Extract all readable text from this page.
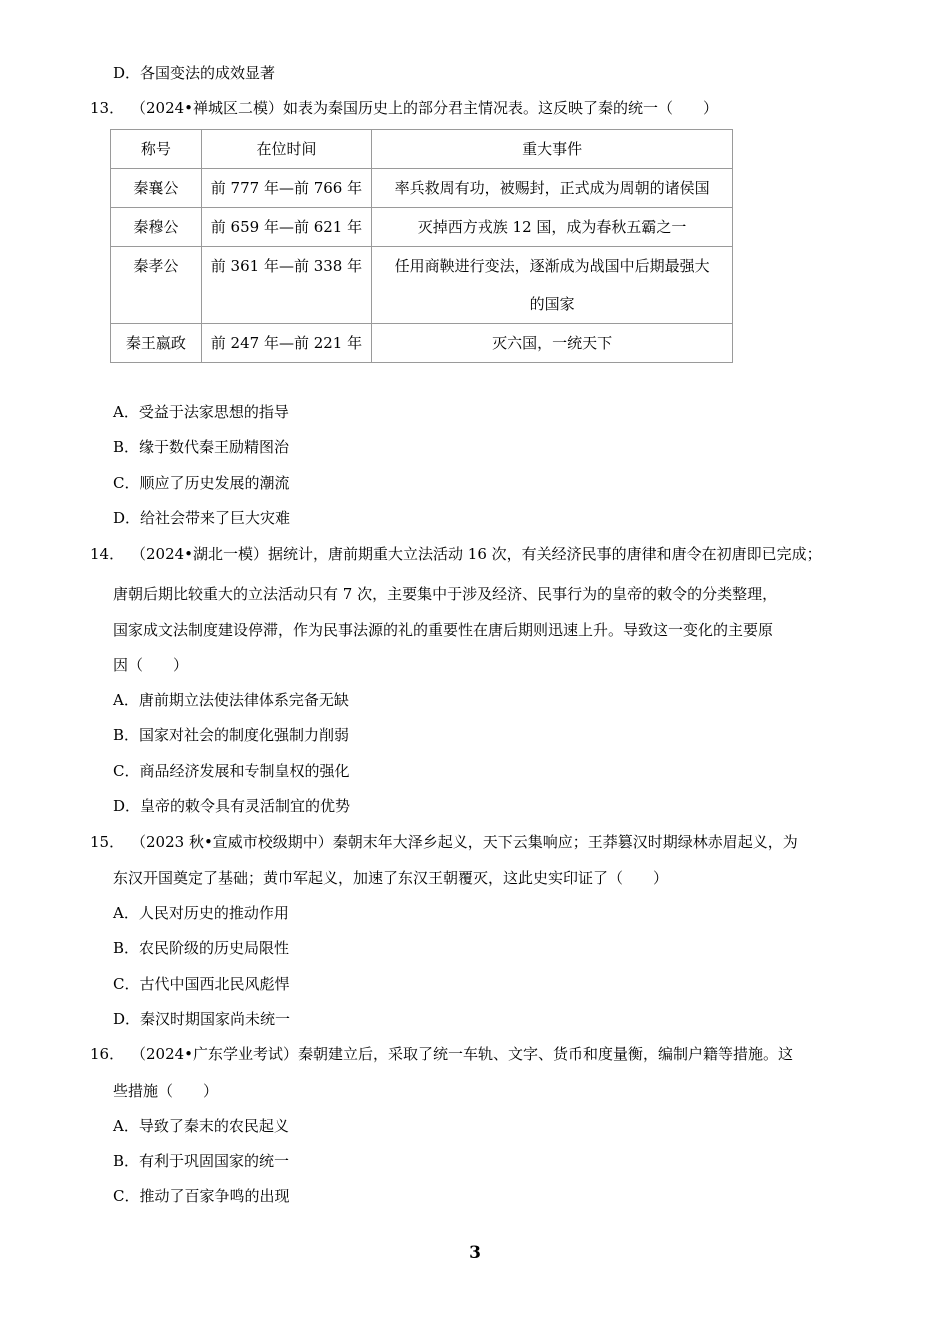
D．各国变法的成效显著
13． （2024•禅城区二模）如表为秦国历史上的部分君主情况表。这反映了秦的统一（　　）
称号	在位时间	重大事件
秦襄公	前 777 年—前 766 年	率兵救周有功，被赐封，正式成为周朝的诸侯国
秦穆公	前 659 年—前 621 年	灭掉西方戎族 12 国，成为春秋五霸之一
秦孝公	前 361 年—前 338 年	任用商鞅进行变法，逐渐成为战国中后期最强大
的国家

秦王嬴政	前 247 年—前 221 年	灭六国，一统天下
A．受益于法家思想的指导
B．缘于数代秦王励精图治
C．顺应了历史发展的潮流
D．给社会带来了巨大灾难
14． （2024•湖北一模）据统计，唐前期重大立法活动 16 次，有关经济民事的唐律和唐令在初唐即已完成；
唐朝后期比较重大的立法活动只有 7 次，主要集中于涉及经济、民事行为的皇帝的敕令的分类整理，
国家成文法制度建设停滞，作为民事法源的礼的重要性在唐后期则迅速上升。导致这一变化的主要原
因（　　）
A．唐前期立法使法律体系完备无缺
B．国家对社会的制度化强制力削弱
C．商品经济发展和专制皇权的强化
D．皇帝的敕令具有灵活制宜的优势
15． （2023 秋•宣威市校级期中）秦朝末年大泽乡起义，天下云集响应；王莽篡汉时期绿林赤眉起义，为
东汉开国奠定了基础；黄巾军起义，加速了东汉王朝覆灭，这此史实印证了（　　）
A．人民对历史的推动作用
B．农民阶级的历史局限性
C．古代中国西北民风彪悍
D．秦汉时期国家尚未统一
16． （2024•广东学业考试）秦朝建立后，采取了统一车轨、文字、货币和度量衡，编制户籍等措施。这
些措施（　　）
A．导致了秦末的农民起义
B．有利于巩固国家的统一
C．推动了百家争鸣的出现
3
